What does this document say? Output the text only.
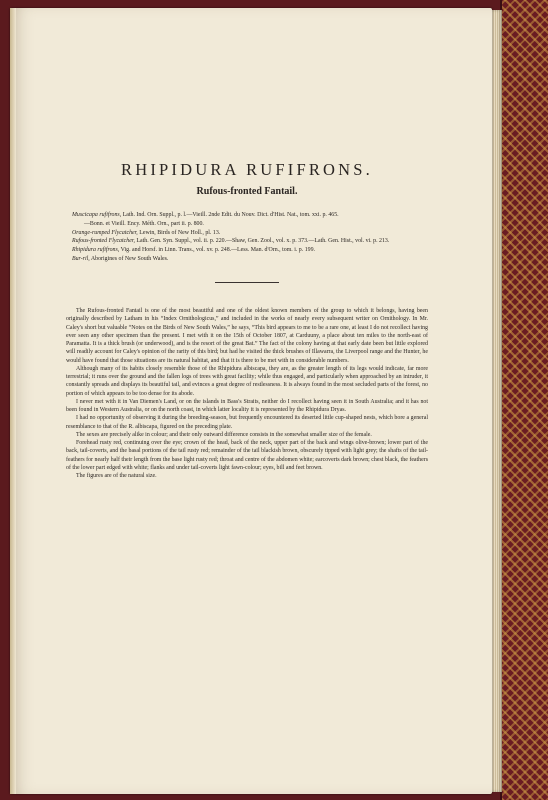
RHIPIDURA RUFIFRONS.
Rufous-fronted Fantail.
Muscicapa rufifrons, Lath. Ind. Orn. Suppl., p. l.—Vieill. 2nde Edit. du Nouv. Dict. d'Hist. Nat., tom. xxi. p. 465.
—Bonn. et Vieill. Ency. Méth. Orn., part ii. p. 800.
Orange-rumped Flycatcher, Lewin, Birds of New Holl., pl. 13.
Rufous-fronted Flycatcher, Lath. Gen. Syn. Suppl., vol. ii. p. 220.—Shaw, Gen. Zool., vol. x. p. 373.—Lath. Gen. Hist., vol. vi. p. 213.
Rhipidura rufifrons, Vig. and Horsf. in Linn. Trans., vol. xv. p. 248.—Less. Man. d'Orn., tom. i. p. 199.
Bur-ril, Aborigines of New South Wales.

The Rufous-fronted Fantail is one of the most beautiful and one of the oldest known members of the group to which it belongs, having been originally described by Latham in his “Index Ornithologicus,” and included in the works of nearly every subsequent writer on Ornithology. In Mr. Caley's short but valuable “Notes on the Birds of New South Wales,” he says, “This bird appears to me to be a rare one, at least I do not recollect having ever seen any other specimen than the present. I met with it on the 15th of October 1807, at Carduuny, a place about ten miles to the north-east of Paramatta. It is a thick brush (or underwood), and is the resort of the great Bat.” The fact of the colony having at that early date been but little explored will readily account for Caley's opinion of the rarity of this bird; but had he visited the thick brushes of Illawarra, the Liverpool range and the Hunter, he would have found that those situations are its natural habitat, and that it is there to be met with in considerable numbers.

Although many of its habits closely resemble those of the Rhipidura albiscapa, they are, as the greater length of its legs would indicate, far more terrestrial; it runs over the ground and the fallen logs of trees with great facility; while thus engaged, and particularly when approached by an intruder, it constantly spreads and displays its beautiful tail, and evinces a great degree of restlessness. It is always found in the most secluded parts of the forest, no portion of which appears to be too dense for its abode.

I never met with it in Van Diemen's Land, or on the islands in Bass's Straits, neither do I recollect having seen it in South Australia; and it has not been found in Western Australia, or on the north coast, in which latter locality it is represented by the Rhipidura Dryas.

I had no opportunity of observing it during the breeding-season, but frequently encountered its deserted little cup-shaped nests, which bore a general resemblance to that of the R. albiscapa, figured on the preceding plate.

The sexes are precisely alike in colour; and their only outward difference consists in the somewhat smaller size of the female.

Forehead rusty red, continuing over the eye; crown of the head, back of the neck, upper part of the back and wings olive-brown; lower part of the back, tail-coverts, and the basal portions of the tail rusty red; remainder of the tail blackish brown, obscurely tipped with light grey; the shafts of the tail-feathers for nearly half their length from the base light rusty red; throat and centre of the abdomen white; earcoverts dark brown; chest black, the feathers of the lower part edged with white; flanks and under tail-coverts light fawn-colour; eyes, bill and feet brown.

The figures are of the natural size.
